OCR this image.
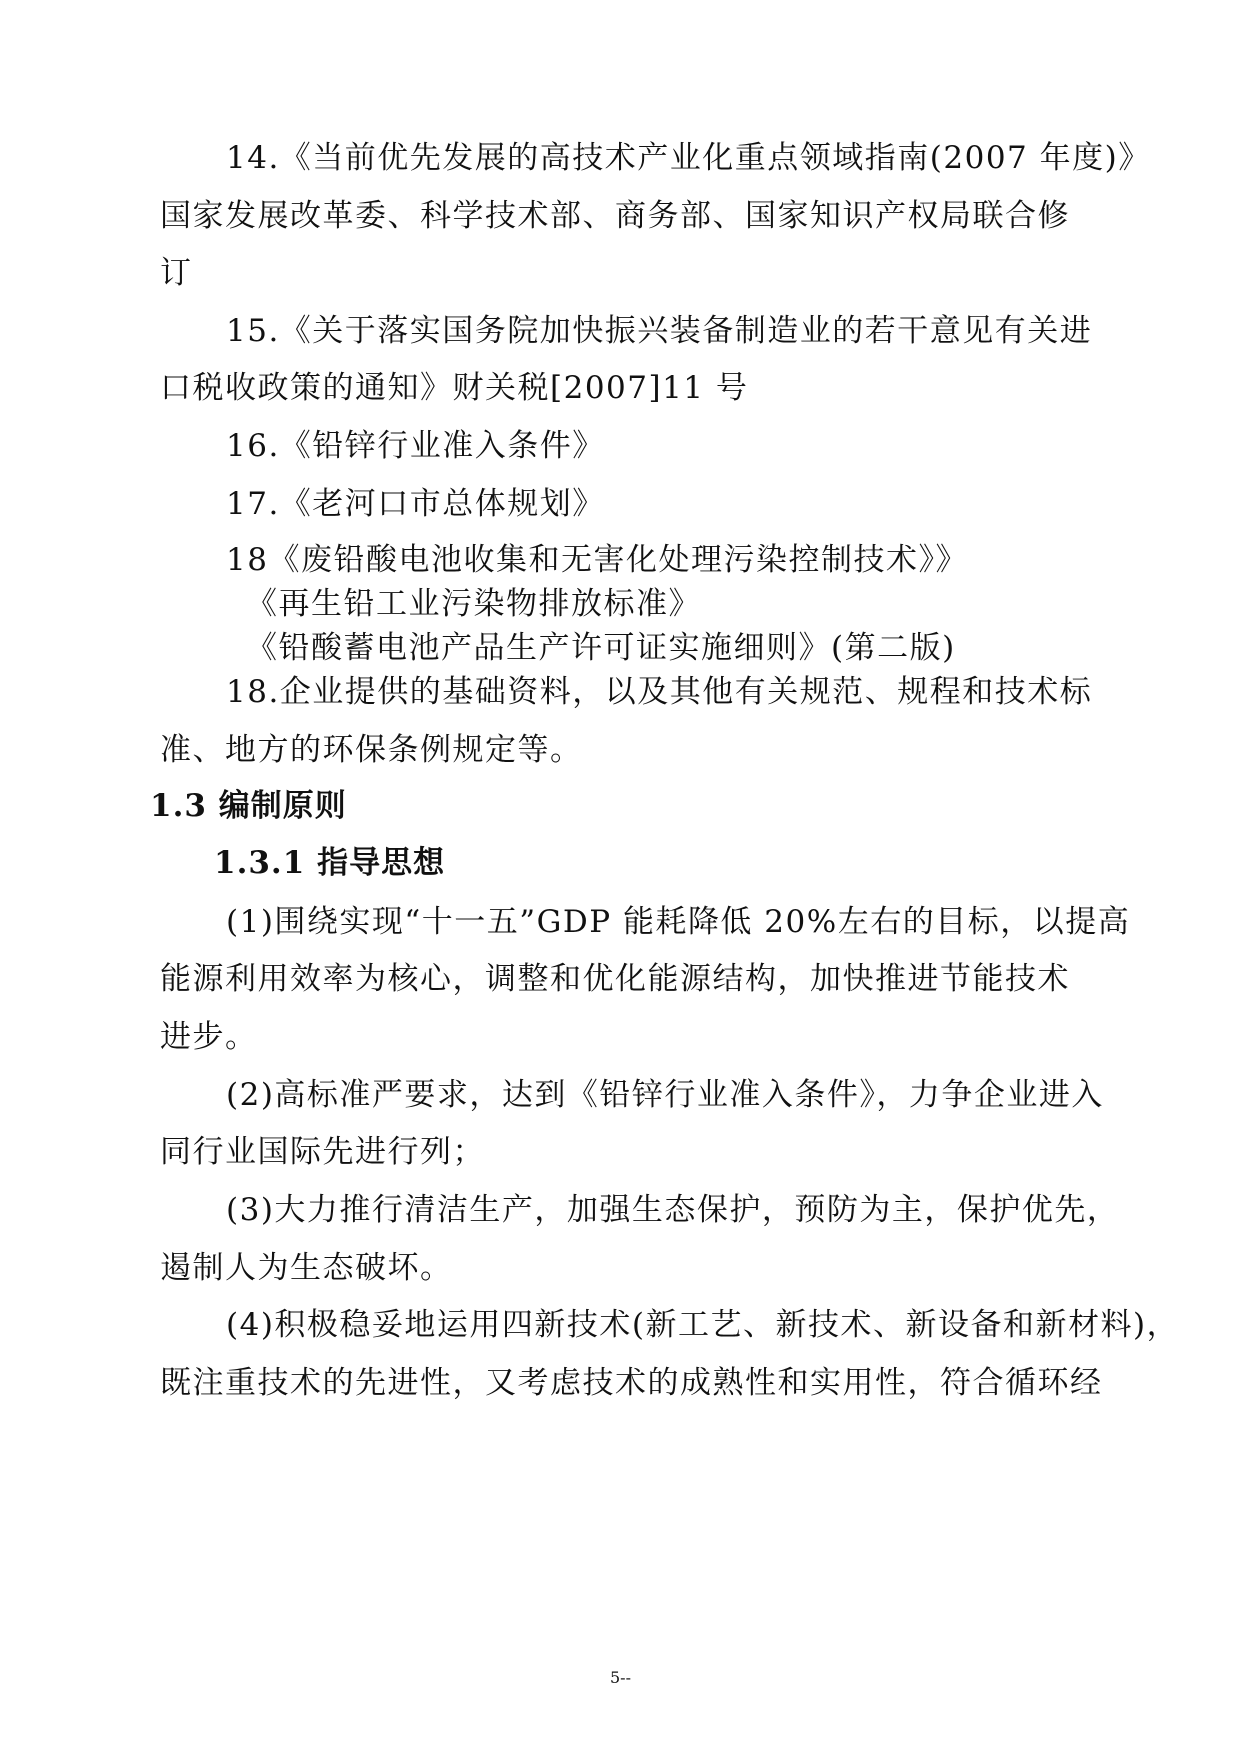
14.《当前优先发展的高技术产业化重点领域指南(2007 年度)》
国家发展改革委、科学技术部、商务部、国家知识产权局联合修
订
15.《关于落实国务院加快振兴装备制造业的若干意见有关进
口税收政策的通知》财关税[2007]11 号
16.《铅锌行业准入条件》
17.《老河口市总体规划》
18《废铅酸电池收集和无害化处理污染控制技术》》
《再生铅工业污染物排放标准》
《铅酸蓄电池产品生产许可证实施细则》(第二版)
18.企业提供的基础资料，以及其他有关规范、规程和技术标
准、地方的环保条例规定等。
1.3 编制原则
1.3.1 指导思想
(1)围绕实现“十一五”GDP 能耗降低 20%左右的目标，以提高
能源利用效率为核心，调整和优化能源结构，加快推进节能技术
进步。
(2)高标准严要求，达到《铅锌行业准入条件》，力争企业进入
同行业国际先进行列；
(3)大力推行清洁生产，加强生态保护，预防为主，保护优先，
遏制人为生态破坏。
(4)积极稳妥地运用四新技术(新工艺、新技术、新设备和新材料)，
既注重技术的先进性，又考虑技术的成熟性和实用性，符合循环经
5--
